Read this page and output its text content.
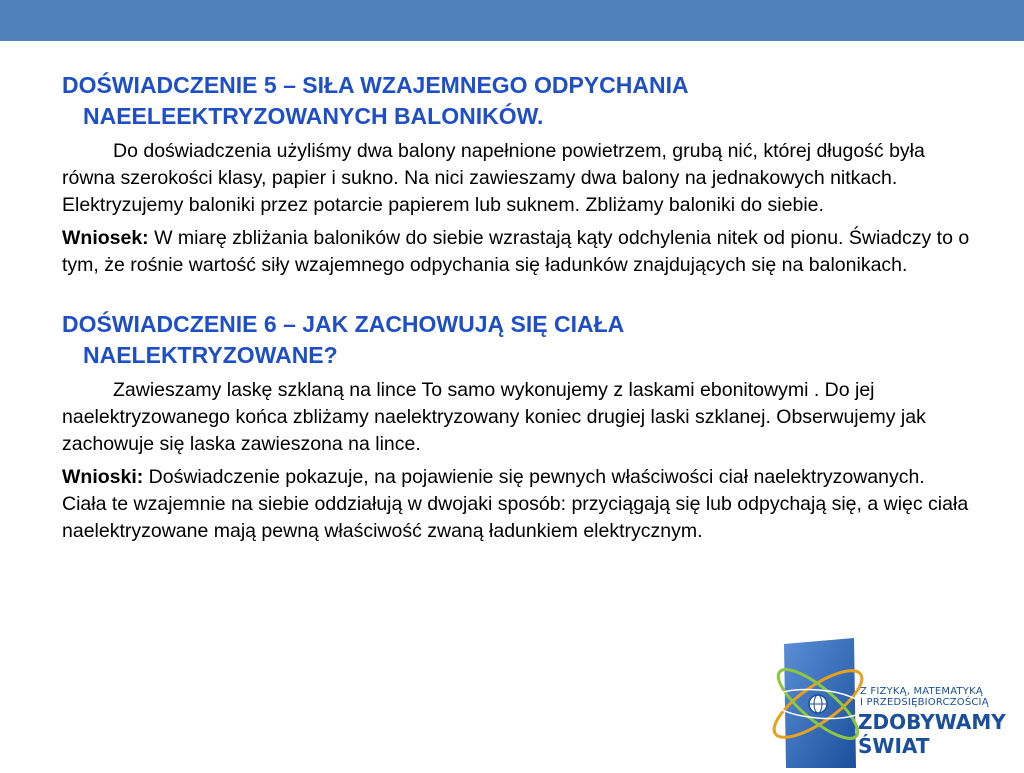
DOŚWIADCZENIE 5 – SIŁA WZAJEMNEGO ODPYCHANIA
NAEELEEKTRYZOWANYCH BALONIKÓW.

Do doświadczenia użyliśmy dwa balony napełnione powietrzem, grubą nić, której długość była równa szerokości klasy, papier i sukno. Na nici zawieszamy dwa balony na jednakowych nitkach. Elektryzujemy baloniki przez potarcie papierem lub suknem. Zbliżamy baloniki do siebie.

Wniosek: W miarę zbliżania baloników do siebie wzrastają kąty odchylenia nitek od pionu. Świadczy to o tym, że rośnie wartość siły wzajemnego odpychania się ładunków znajdujących się na balonikach.

DOŚWIADCZENIE 6 – JAK ZACHOWUJĄ SIĘ CIAŁA
NAELEKTRYZOWANE?

Zawieszamy laskę szklaną na lince To samo wykonujemy z laskami ebonitowymi . Do jej naelektryzowanego końca zbliżamy naelektryzowany koniec drugiej laski szklanej. Obserwujemy jak zachowuje się laska zawieszona na lince.

Wnioski: Doświadczenie pokazuje, na pojawienie się pewnych właściwości ciał naelektryzowanych. Ciała te wzajemnie na siebie oddziałują w dwojaki sposób: przyciągają się lub odpychają się, a więc ciała naelektryzowane mają pewną właściwość zwaną ładunkiem elektrycznym.

Z FIZYKĄ, MATEMATYKĄ
I PRZEDSIĘBIORCZOŚCIĄ
ZDOBYWAMY
ŚWIAT
